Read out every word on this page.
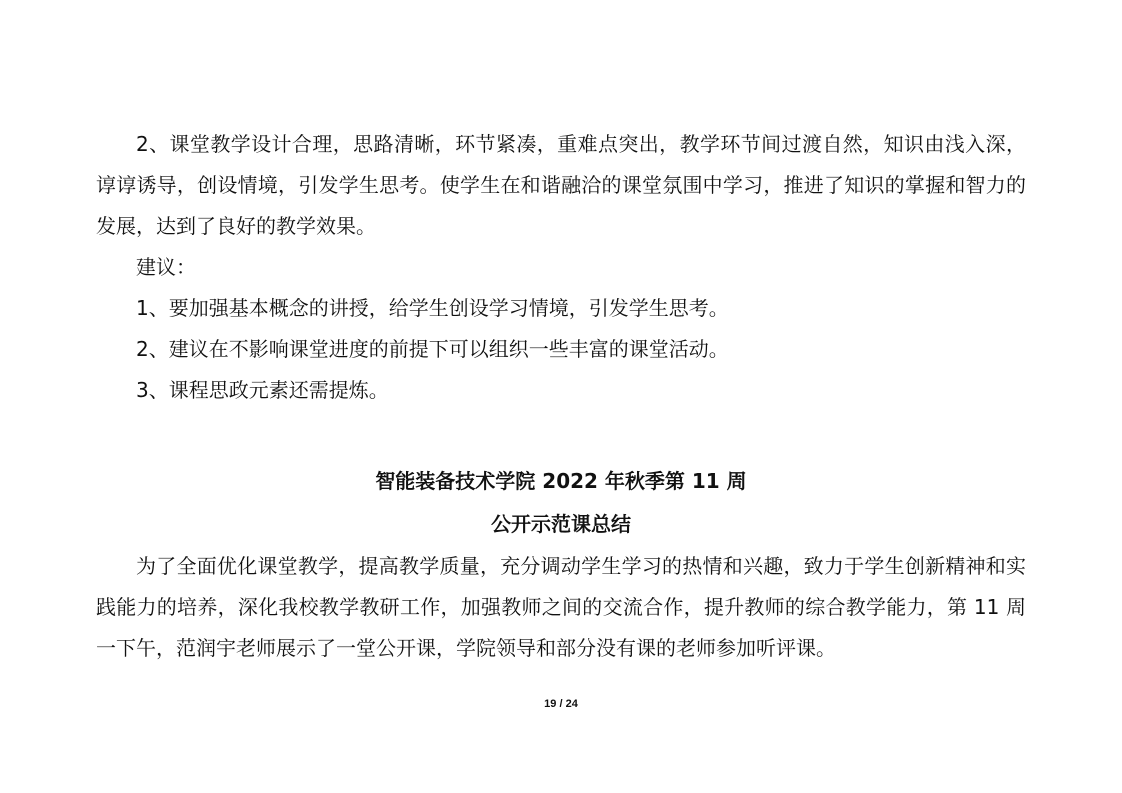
2、课堂教学设计合理，思路清晰，环节紧凑，重难点突出，教学环节间过渡自然，知识由浅入深，谆谆诱导，创设情境，引发学生思考。使学生在和谐融洽的课堂氛围中学习，推进了知识的掌握和智力的发展，达到了良好的教学效果。

建议：

1、要加强基本概念的讲授，给学生创设学习情境，引发学生思考。

2、建议在不影响课堂进度的前提下可以组织一些丰富的课堂活动。

3、课程思政元素还需提炼。

智能装备技术学院 2022 年秋季第 11 周

公开示范课总结

为了全面优化课堂教学，提高教学质量，充分调动学生学习的热情和兴趣，致力于学生创新精神和实践能力的培养，深化我校教学教研工作，加强教师之间的交流合作，提升教师的综合教学能力，第 11 周一下午，范润宇老师展示了一堂公开课，学院领导和部分没有课的老师参加听评课。

19 / 24
